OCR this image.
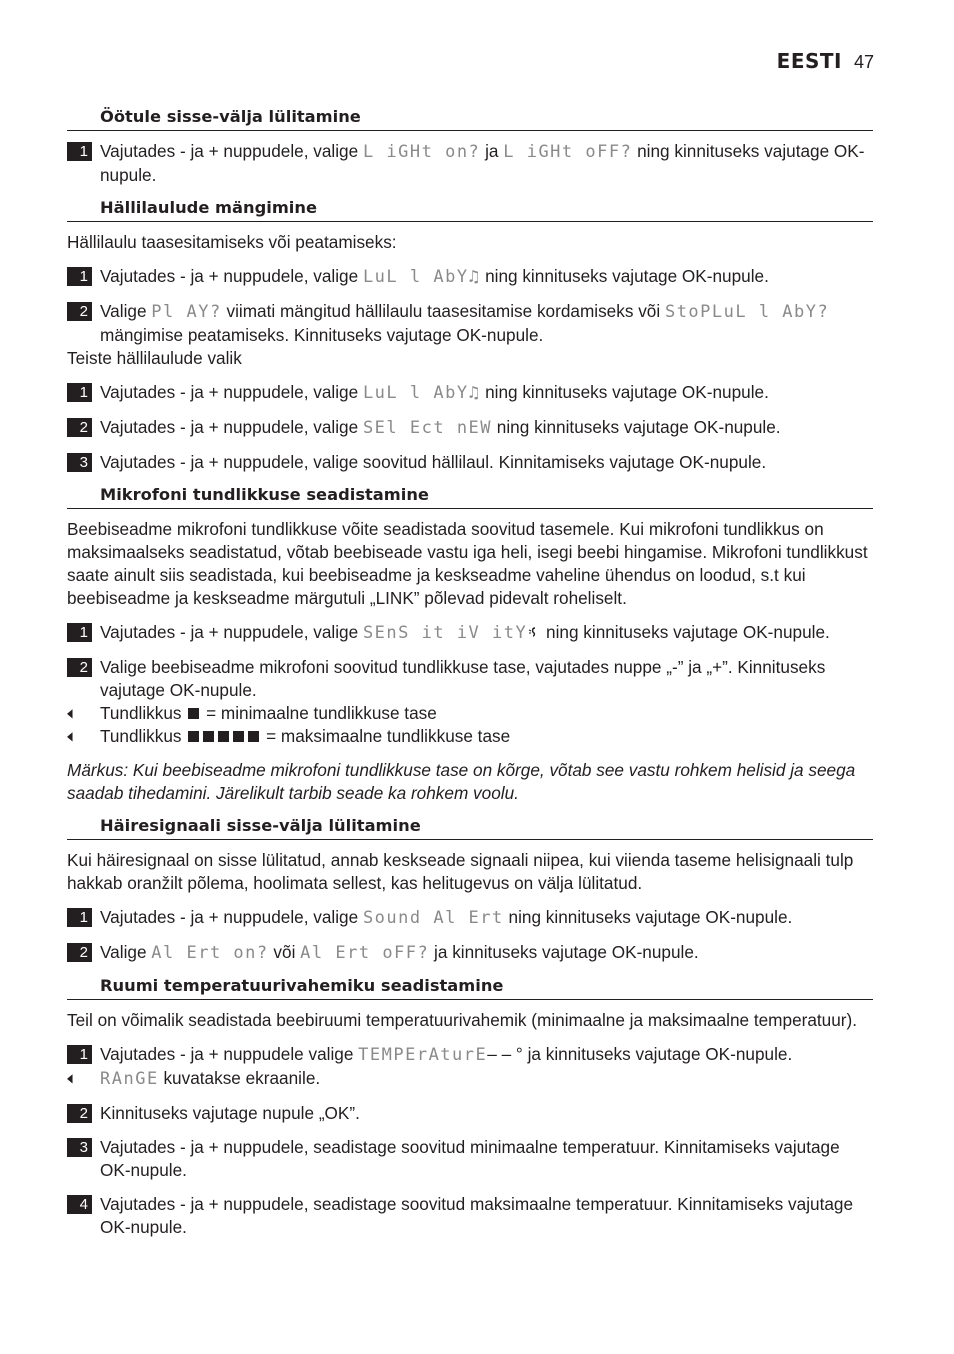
EESTI 47
Öötule sisse-välja lülitamine
1 Vajutades - ja + nuppudele, valige L iGHt on? ja L iGHt oFF? ning kinnituseks vajutage OK-nupule.
Hällilaulude mängimine
Hällilaulu taasesitamiseks või peatamiseks:
1 Vajutades - ja + nuppudele, valige LuL l AbY♫ ning kinnituseks vajutage OK-nupule.
2 Valige Pl AY? viimati mängitud hällilaulu taasesitamise kordamiseks või StoPLuL l AbY? mängimise peatamiseks. Kinnituseks vajutage OK-nupule.
Teiste hällilaulude valik
1 Vajutades - ja + nuppudele, valige LuL l AbY♫ ning kinnituseks vajutage OK-nupule.
2 Vajutades - ja + nuppudele, valige SEl Ect nEW ning kinnituseks vajutage OK-nupule.
3 Vajutades - ja + nuppudele, valige soovitud hällilaul. Kinnitamiseks vajutage OK-nupule.
Mikrofoni tundlikkuse seadistamine
Beebiseadme mikrofoni tundlikkuse võite seadistada soovitud tasemele. Kui mikrofoni tundlikkus on maksimaalseks seadistatud, võtab beebiseade vastu iga heli, isegi beebi hingamise. Mikrofoni tundlikkust saate ainult siis seadistada, kui beebiseadme ja keskseadme vaheline ühendus on loodud, s.t kui beebiseadme ja keskseadme märgutuli „LINK” põlevad pidevalt roheliselt.
1 Vajutades - ja + nuppudele, valige SEnS it iV itY ning kinnituseks vajutage OK-nupule.
2 Valige beebiseadme mikrofoni soovitud tundlikkuse tase, vajutades nuppe „-” ja „+”. Kinnituseks vajutage OK-nupule.
◀	Tundlikkus  = minimaalne tundlikkuse tase
◀	Tundlikkus	= maksimaalne tundlikkuse tase
Märkus: Kui beebiseadme mikrofoni tundlikkuse tase on kõrge, võtab see vastu rohkem helisid ja seega saadab tihedamini. Järelikult tarbib seade ka rohkem voolu.
Häiresignaali sisse-välja lülitamine
Kui häiresignaal on sisse lülitatud, annab keskseade signaali niipea, kui viienda taseme helisignaali tulp hakkab oranžilt põlema, hoolimata sellest, kas helitugevus on välja lülitatud.
1 Vajutades - ja + nuppudele, valige Sound Al Ert ning kinnituseks vajutage OK-nupule.
2 Valige Al Ert on? või Al Ert oFF? ja kinnituseks vajutage OK-nupule.
Ruumi temperatuurivahemiku seadistamine
Teil on võimalik seadistada beebiruumi temperatuurivahemik (minimaalne ja maksimaalne temperatuur).
1 Vajutades - ja + nuppudele valige TEMPErAturE– – ° ja kinnituseks vajutage OK-nupule.
◀	RAnGE kuvatakse ekraanile.
2 Kinnituseks vajutage nupule „OK”.
3 Vajutades - ja + nuppudele, seadistage soovitud minimaalne temperatuur. Kinnitamiseks vajutage OK-nupule.
4 Vajutades - ja + nuppudele, seadistage soovitud maksimaalne temperatuur. Kinnitamiseks vajutage OK-nupule.
